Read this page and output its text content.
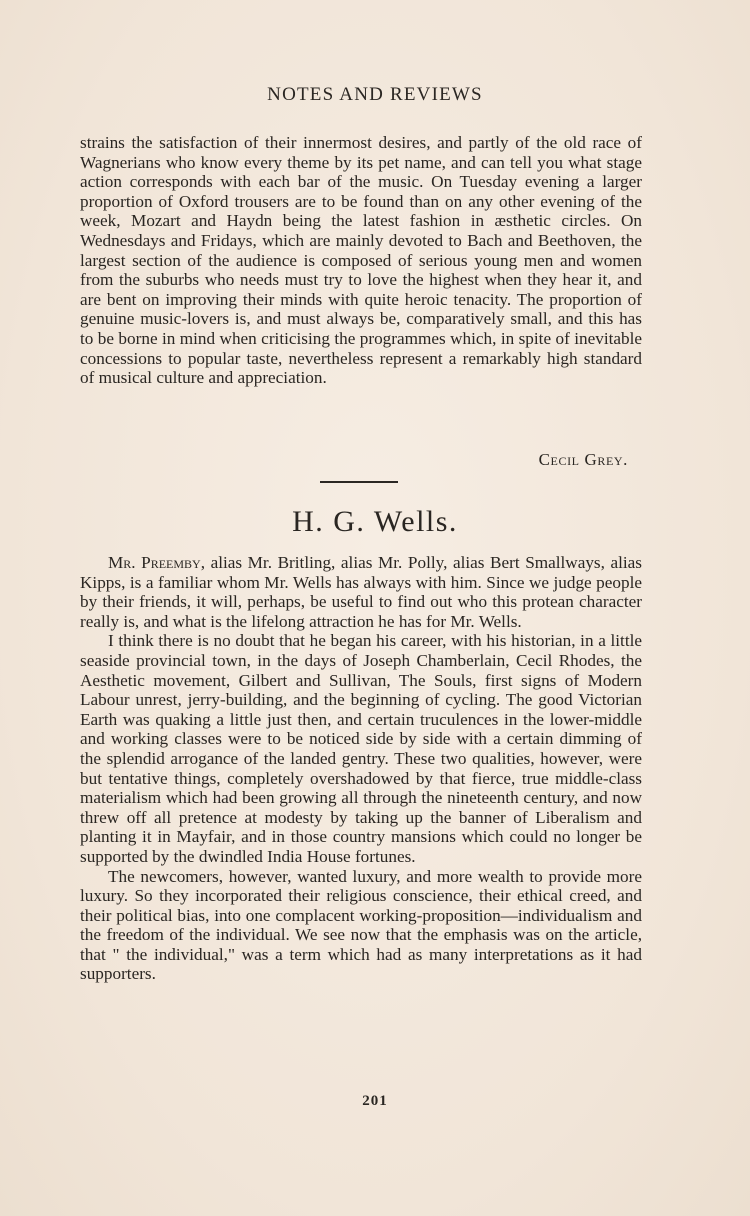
NOTES AND REVIEWS

strains the satisfaction of their innermost desires, and partly of the old race of Wagnerians who know every theme by its pet name, and can tell you what stage action corresponds with each bar of the music. On Tuesday evening a larger proportion of Oxford trousers are to be found than on any other evening of the week, Mozart and Haydn being the latest fashion in æsthetic circles. On Wednesdays and Fridays, which are mainly devoted to Bach and Beethoven, the largest section of the audience is composed of serious young men and women from the suburbs who needs must try to love the highest when they hear it, and are bent on improving their minds with quite heroic tenacity. The proportion of genuine music-lovers is, and must always be, comparatively small, and this has to be borne in mind when criticising the programmes which, in spite of inevitable concessions to popular taste, nevertheless represent a remarkably high standard of musical culture and appreciation.

Cecil Grey.
H. G. Wells.

Mr. Preemby, alias Mr. Britling, alias Mr. Polly, alias Bert Smallways, alias Kipps, is a familiar whom Mr. Wells has always with him. Since we judge people by their friends, it will, perhaps, be useful to find out who this protean character really is, and what is the lifelong attraction he has for Mr. Wells.

I think there is no doubt that he began his career, with his historian, in a little seaside provincial town, in the days of Joseph Chamberlain, Cecil Rhodes, the Aesthetic movement, Gilbert and Sullivan, The Souls, first signs of Modern Labour unrest, jerry-building, and the beginning of cycling. The good Victorian Earth was quaking a little just then, and certain truculences in the lower-middle and working classes were to be noticed side by side with a certain dimming of the splendid arrogance of the landed gentry. These two qualities, however, were but tentative things, completely overshadowed by that fierce, true middle-class materialism which had been growing all through the nineteenth century, and now threw off all pretence at modesty by taking up the banner of Liberalism and planting it in Mayfair, and in those country mansions which could no longer be supported by the dwindled India House fortunes.

The newcomers, however, wanted luxury, and more wealth to provide more luxury. So they incorporated their religious conscience, their ethical creed, and their political bias, into one complacent working-proposition—individualism and the freedom of the individual. We see now that the emphasis was on the article, that " the individual," was a term which had as many interpretations as it had supporters.

201
